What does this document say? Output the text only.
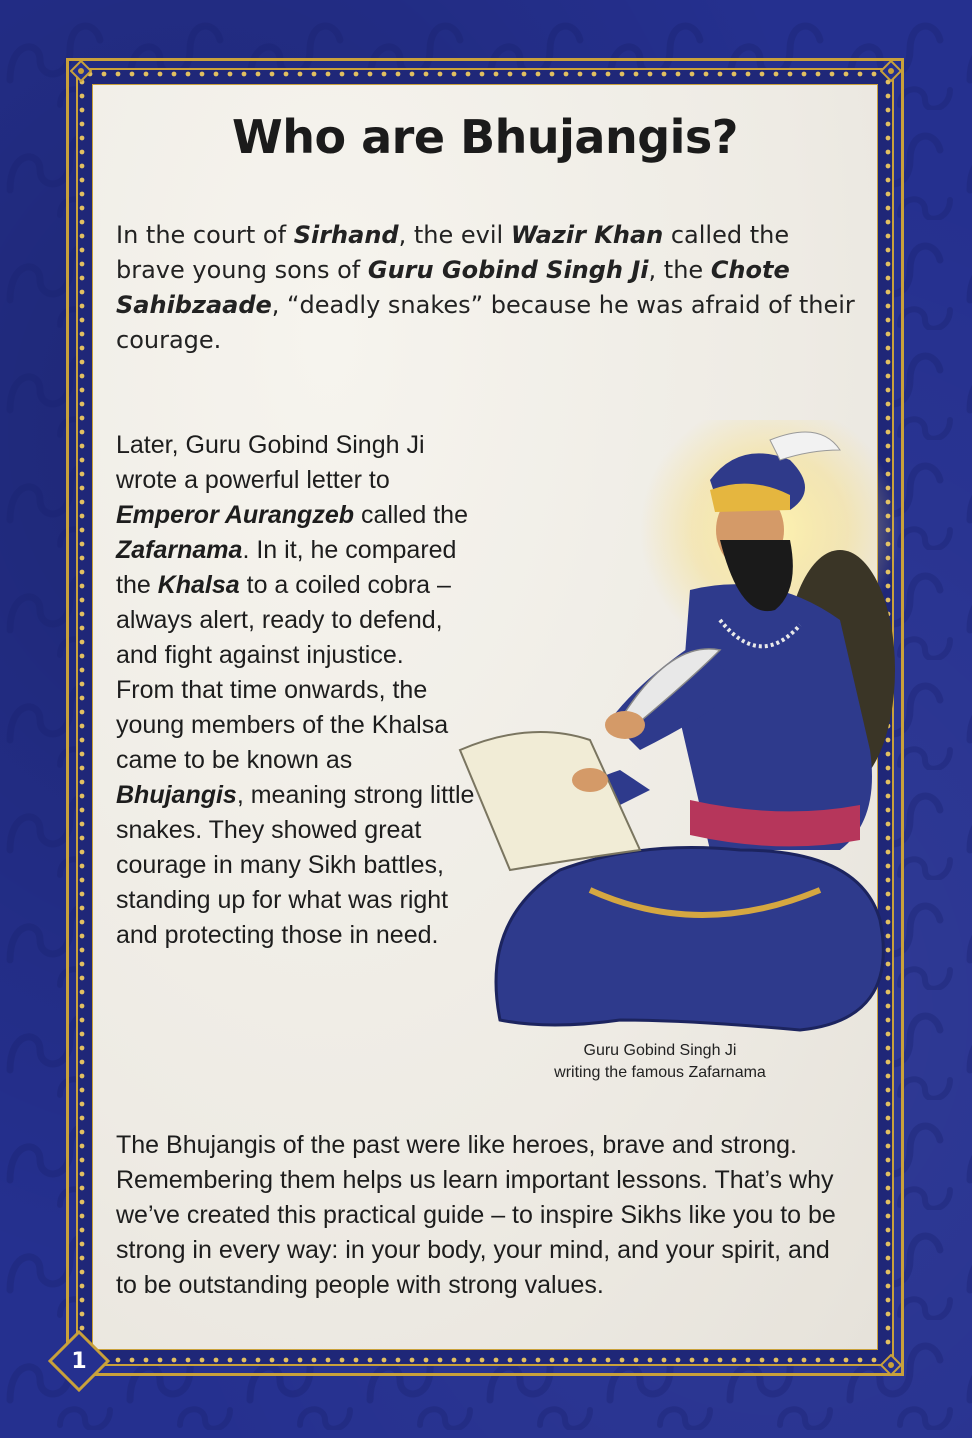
Who are Bhujangis?

In the court of Sirhand, the evil Wazir Khan called the brave young sons of Guru Gobind Singh Ji, the Chote Sahibzaade, “deadly snakes” because he was afraid of their courage.

Later, Guru Gobind Singh Ji wrote a powerful letter to Emperor Aurangzeb called the Zafarnama. In it, he compared the Khalsa to a coiled cobra – always alert, ready to defend, and fight against injustice.
From that time onwards, the young members of the Khalsa came to be known as Bhujangis, meaning strong little snakes. They showed great courage in many Sikh battles, standing up for what was right and protecting those in need.

Guru Gobind Singh Ji
writing the famous Zafarnama

The Bhujangis of the past were like heroes, brave and strong. Remembering them helps us learn important lessons. That’s why we’ve created this practical guide – to inspire Sikhs like you to be strong in every way: in your body, your mind, and your spirit, and to be outstanding people with strong values.

1
